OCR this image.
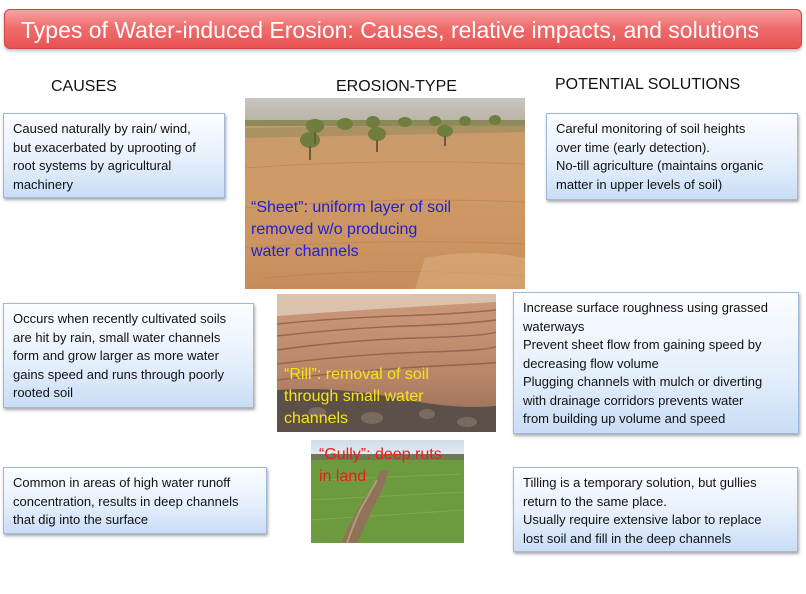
Types of Water-induced Erosion: Causes, relative impacts, and solutions
CAUSES	EROSION-TYPE	POTENTIAL SOLUTIONS
Caused naturally by rain/ wind,
but exacerbated by uprooting of
root systems by agricultural
machinery
Occurs when recently cultivated soils
are hit by rain, small water channels
form and grow larger as more water
gains speed and runs through poorly
rooted soil
Common in areas of high water runoff
concentration, results in deep channels
that dig into the surface
Careful monitoring of soil heights
over time (early detection).
No-till agriculture (maintains organic
matter in upper levels of soil)
Increase surface roughness using grassed
waterways
Prevent sheet flow from gaining speed by
decreasing flow volume
Plugging channels with mulch or diverting
with drainage corridors prevents water
from building up volume and speed
Tilling is a temporary solution, but gullies
return to the same place.
Usually require extensive labor to replace
lost soil and fill in the deep channels
“Sheet”: uniform layer of soil
removed w/o producing
water channels
“Rill”: removal of soil
through small water
channels
“Gully”: deep ruts
in land
